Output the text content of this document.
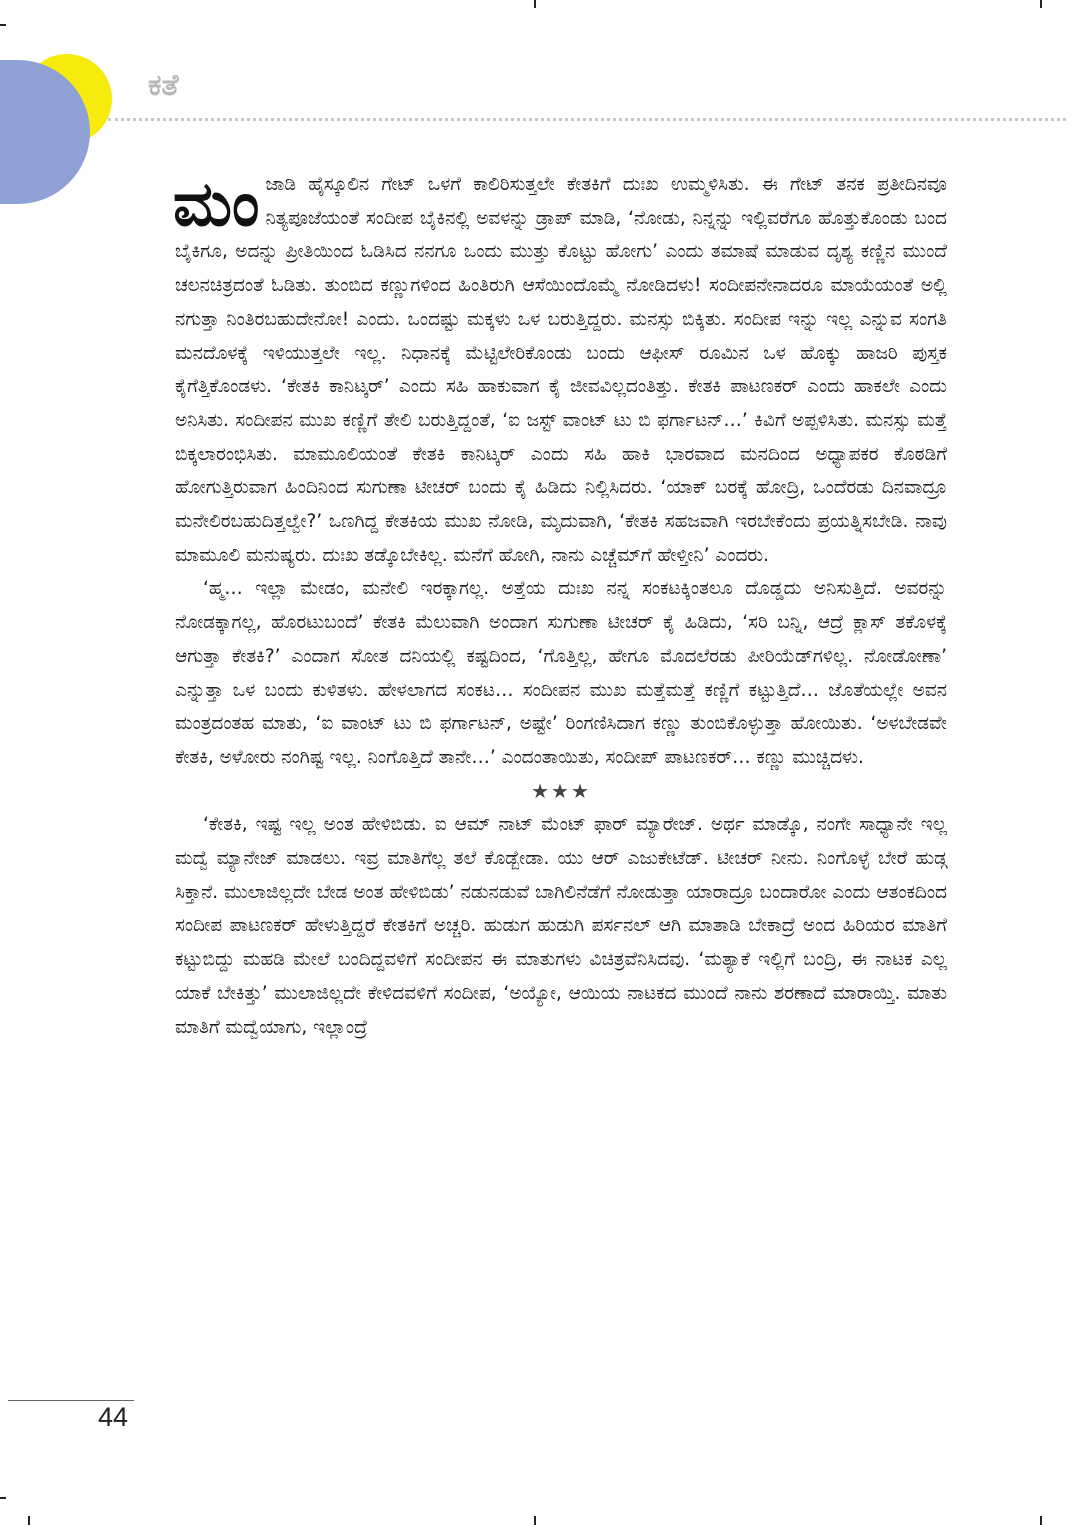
ಕತೆ

ಮಂಜಾಡಿ ಹೈಸ್ಕೂಲಿನ ಗೇಟ್ ಒಳಗೆ ಕಾಲಿರಿಸುತ್ತಲೇ ಕೇತಕಿಗೆ ದುಃಖ ಉಮ್ಮಳಿಸಿತು. ಈ ಗೇಟ್ ತನಕ ಪ್ರತೀದಿನವೂ ನಿತ್ಯಪೂಜೆಯಂತೆ ಸಂದೀಪ ಬೈಕಿನಲ್ಲಿ ಅವಳನ್ನು ಡ್ರಾಪ್ ಮಾಡಿ, ‘ನೋಡು, ನಿನ್ನನ್ನು ಇಲ್ಲಿವರೆಗೂ ಹೊತ್ತುಕೊಂಡು ಬಂದ ಬೈಕಿಗೂ, ಅದನ್ನು ಪ್ರೀತಿಯಿಂದ ಓಡಿಸಿದ ನನಗೂ ಒಂದು ಮುತ್ತು ಕೊಟ್ಟು ಹೋಗು’ ಎಂದು ತಮಾಷೆ ಮಾಡುವ ದೃಶ್ಯ ಕಣ್ಣಿನ ಮುಂದೆ ಚಲನಚಿತ್ರದಂತೆ ಓಡಿತು. ತುಂಬಿದ ಕಣ್ಣುಗಳಿಂದ ಹಿಂತಿರುಗಿ ಆಸೆಯಿಂದೊಮ್ಮೆ ನೋಡಿದಳು! ಸಂದೀಪನೇನಾದರೂ ಮಾಯೆಯಂತೆ ಅಲ್ಲಿ ನಗುತ್ತಾ ನಿಂತಿರಬಹುದೇನೋ! ಎಂದು. ಒಂದಷ್ಟು ಮಕ್ಕಳು ಒಳ ಬರುತ್ತಿದ್ದರು. ಮನಸ್ಸು ಬಿಕ್ಕಿತು. ಸಂದೀಪ ಇನ್ನು ಇಲ್ಲ ಎನ್ನುವ ಸಂಗತಿ ಮನದೊಳಕ್ಕೆ ಇಳಿಯುತ್ತಲೇ ಇಲ್ಲ. ನಿಧಾನಕ್ಕೆ ಮೆಟ್ಟಿಲೇರಿಕೊಂಡು ಬಂದು ಆಫೀಸ್ ರೂಮಿನ ಒಳ ಹೊಕ್ಕು ಹಾಜರಿ ಪುಸ್ತಕ ಕೈಗೆತ್ತಿಕೊಂಡಳು. ‘ಕೇತಕಿ ಕಾನಿಟ್ಕರ್’ ಎಂದು ಸಹಿ ಹಾಕುವಾಗ ಕೈ ಜೀವವಿಲ್ಲದಂತಿತ್ತು. ಕೇತಕಿ ಪಾಟಣಕರ್ ಎಂದು ಹಾಕಲೇ ಎಂದು ಅನಿಸಿತು. ಸಂದೀಪನ ಮುಖ ಕಣ್ಣಿಗೆ ತೇಲಿ ಬರುತ್ತಿದ್ದಂತೆ, ‘ಐ ಜಸ್ಟ್ ವಾಂಟ್ ಟು ಬಿ ಫರ್ಗಾಟನ್…’ ಕಿವಿಗೆ ಅಪ್ಪಳಿಸಿತು. ಮನಸ್ಸು ಮತ್ತೆ ಬಿಕ್ಕಲಾರಂಭಿಸಿತು. ಮಾಮೂಲಿಯಂತೆ ಕೇತಕಿ ಕಾನಿಟ್ಕರ್ ಎಂದು ಸಹಿ ಹಾಕಿ ಭಾರವಾದ ಮನದಿಂದ ಅಧ್ಯಾಪಕರ ಕೊಠಡಿಗೆ ಹೋಗುತ್ತಿರುವಾಗ ಹಿಂದಿನಿಂದ ಸುಗುಣಾ ಟೀಚರ್ ಬಂದು ಕೈ ಹಿಡಿದು ನಿಲ್ಲಿಸಿದರು. ‘ಯಾಕ್ ಬರಕ್ಕೆ ಹೋದ್ರಿ, ಒಂದೆರಡು ದಿನವಾದ್ರೂ ಮನೇಲಿರಬಹುದಿತ್ತಲ್ವೇ?’ ಒಣಗಿದ್ದ ಕೇತಕಿಯ ಮುಖ ನೋಡಿ, ಮೃದುವಾಗಿ, ‘ಕೇತಕಿ ಸಹಜವಾಗಿ ಇರಬೇಕೆಂದು ಪ್ರಯತ್ನಿಸಬೇಡಿ. ನಾವು ಮಾಮೂಲಿ ಮನುಷ್ಯರು. ದುಃಖ ತಡ್ಕೊಬೇಕಿಲ್ಲ. ಮನೆಗೆ ಹೋಗಿ, ನಾನು ಎಚ್ಚೆಮ್‌ಗೆ ಹೇಳ್ತೀನಿ’ ಎಂದರು.

‘ಹ್ಮ… ಇಲ್ಲಾ ಮೇಡಂ, ಮನೇಲಿ ಇರಕ್ಕಾಗಲ್ಲ. ಅತ್ತೆಯ ದುಃಖ ನನ್ನ ಸಂಕಟಕ್ಕಿಂತಲೂ ದೊಡ್ಡದು ಅನಿಸುತ್ತಿದೆ. ಅವರನ್ನು ನೋಡಕ್ಕಾಗಲ್ಲ, ಹೊರಟುಬಂದೆ’ ಕೇತಕಿ ಮೆಲುವಾಗಿ ಅಂದಾಗ ಸುಗುಣಾ ಟೀಚರ್ ಕೈ ಹಿಡಿದು, ‘ಸರಿ ಬನ್ನಿ, ಆದ್ರೆ ಕ್ಲಾಸ್ ತಕೊಳಕ್ಕೆ ಆಗುತ್ತಾ ಕೇತಕಿ?’ ಎಂದಾಗ ಸೋತ ದನಿಯಲ್ಲಿ ಕಷ್ಟದಿಂದ, ‘ಗೊತ್ತಿಲ್ಲ, ಹೇಗೂ ಮೊದಲೆರಡು ಪೀರಿಯೆಡ್‌ಗಳಿಲ್ಲ. ನೋಡೋಣಾ’ ಎನ್ನುತ್ತಾ ಒಳ ಬಂದು ಕುಳಿತಳು. ಹೇಳಲಾಗದ ಸಂಕಟ… ಸಂದೀಪನ ಮುಖ ಮತ್ತೆಮತ್ತೆ ಕಣ್ಣಿಗೆ ಕಟ್ಟುತ್ತಿದೆ… ಜೊತೆಯಲ್ಲೇ ಅವನ ಮಂತ್ರದಂತಹ ಮಾತು, ‘ಐ ವಾಂಟ್ ಟು ಬಿ ಫರ್ಗಾಟನ್, ಅಷ್ಟೇ’ ರಿಂಗಣಿಸಿದಾಗ ಕಣ್ಣು ತುಂಬಿಕೊಳ್ಳುತ್ತಾ ಹೋಯಿತು. ‘ಅಳಬೇಡವೇ ಕೇತಕಿ, ಅಳೋರು ನಂಗಿಷ್ಟ ಇಲ್ಲ. ನಿಂಗೊತ್ತಿದೆ ತಾನೇ…’ ಎಂದಂತಾಯಿತು, ಸಂದೀಪ್ ಪಾಟಣಕರ್… ಕಣ್ಣು ಮುಚ್ಚಿದಳು.

★★★

‘ಕೇತಕಿ, ಇಷ್ಟ ಇಲ್ಲ ಅಂತ ಹೇಳಿಬಿಡು. ಐ ಆಮ್ ನಾಟ್ ಮೆಂಟ್ ಫಾರ್ ಮ್ಯಾರೇಜ್. ಅರ್ಥ ಮಾಡ್ಕೊ, ನಂಗೇ ಸಾಧ್ಯಾನೇ ಇಲ್ಲ ಮದ್ವೆ ಮ್ಯಾನೇಜ್ ಮಾಡಲು. ಇವ್ರ ಮಾತಿಗೆಲ್ಲ ತಲೆ ಕೊಡ್ಬೇಡಾ. ಯು ಆರ್ ಎಜುಕೇಟೆಡ್. ಟೀಚರ್ ನೀನು. ನಿಂಗೊಳ್ಳೆ ಬೇರೆ ಹುಡ್ಗ ಸಿಕ್ತಾನೆ. ಮುಲಾಜಿಲ್ಲದೇ ಬೇಡ ಅಂತ ಹೇಳಿಬಿಡು’ ನಡುನಡುವೆ ಬಾಗಿಲಿನೆಡೆಗೆ ನೋಡುತ್ತಾ ಯಾರಾದ್ರೂ ಬಂದಾರೋ ಎಂದು ಆತಂಕದಿಂದ ಸಂದೀಪ ಪಾಟಣಕರ್ ಹೇಳುತ್ತಿದ್ದರೆ ಕೇತಕಿಗೆ ಅಚ್ಚರಿ. ಹುಡುಗ ಹುಡುಗಿ ಪರ್ಸನಲ್ ಆಗಿ ಮಾತಾಡಿ ಬೇಕಾದ್ರೆ ಅಂದ ಹಿರಿಯರ ಮಾತಿಗೆ ಕಟ್ಟುಬಿದ್ದು ಮಹಡಿ ಮೇಲೆ ಬಂದಿದ್ದವಳಿಗೆ ಸಂದೀಪನ ಈ ಮಾತುಗಳು ವಿಚಿತ್ರವೆನಿಸಿದವು. ‘ಮತ್ಯಾಕೆ ಇಲ್ಲಿಗೆ ಬಂದ್ರಿ, ಈ ನಾಟಕ ಎಲ್ಲ ಯಾಕೆ ಬೇಕಿತ್ತು’ ಮುಲಾಜಿಲ್ಲದೇ ಕೇಳಿದವಳಿಗೆ ಸಂದೀಪ, ‘ಅಯ್ಯೋ, ಆಯಿಯ ನಾಟಕದ ಮುಂದೆ ನಾನು ಶರಣಾದೆ ಮಾರಾಯ್ತಿ. ಮಾತು ಮಾತಿಗೆ ಮದ್ವೆಯಾಗು, ಇಲ್ಲಾಂದ್ರೆ

44
